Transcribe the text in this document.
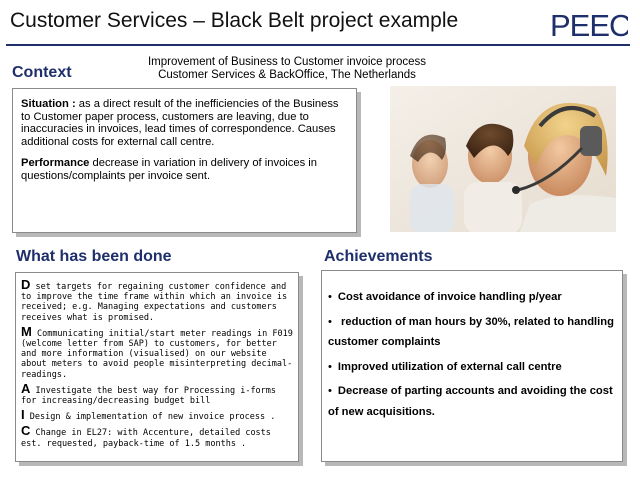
Customer Services – Black Belt project example	PEEC
Improvement of Business to Customer invoice process
Customer Services & BackOffice, The Netherlands
Context

Situation : as a direct result of the inefficiencies of the Business to Customer paper process, customers are leaving, due to inaccuracies in invoices, lead times of correspondence. Causes additional costs for external call centre.

Performance decrease in variation in delivery of invoices in questions/complaints per invoice sent.

What has been done
D set targets for regaining customer confidence and to improve the time frame within which an invoice is received; e.g. Managing expectations and customers receives what is promised.
M Communicating initial/start meter readings in F019 (welcome letter from SAP) to customers, for better and more information (visualised) on our website about meters to avoid people misinterpreting decimal-readings.
A Investigate the best way for Processing i-forms for increasing/decreasing budget bill
I Design & implementation of new invoice process .
C Change in EL27: with Accenture, detailed costs est. requested, payback-time of 1.5 months .
Achievements
• Cost avoidance of invoice handling p/year
• reduction of man hours by 30%, related to handling customer complaints
• Improved utilization of external call centre
• Decrease of parting accounts and avoiding the cost of new acquisitions.
